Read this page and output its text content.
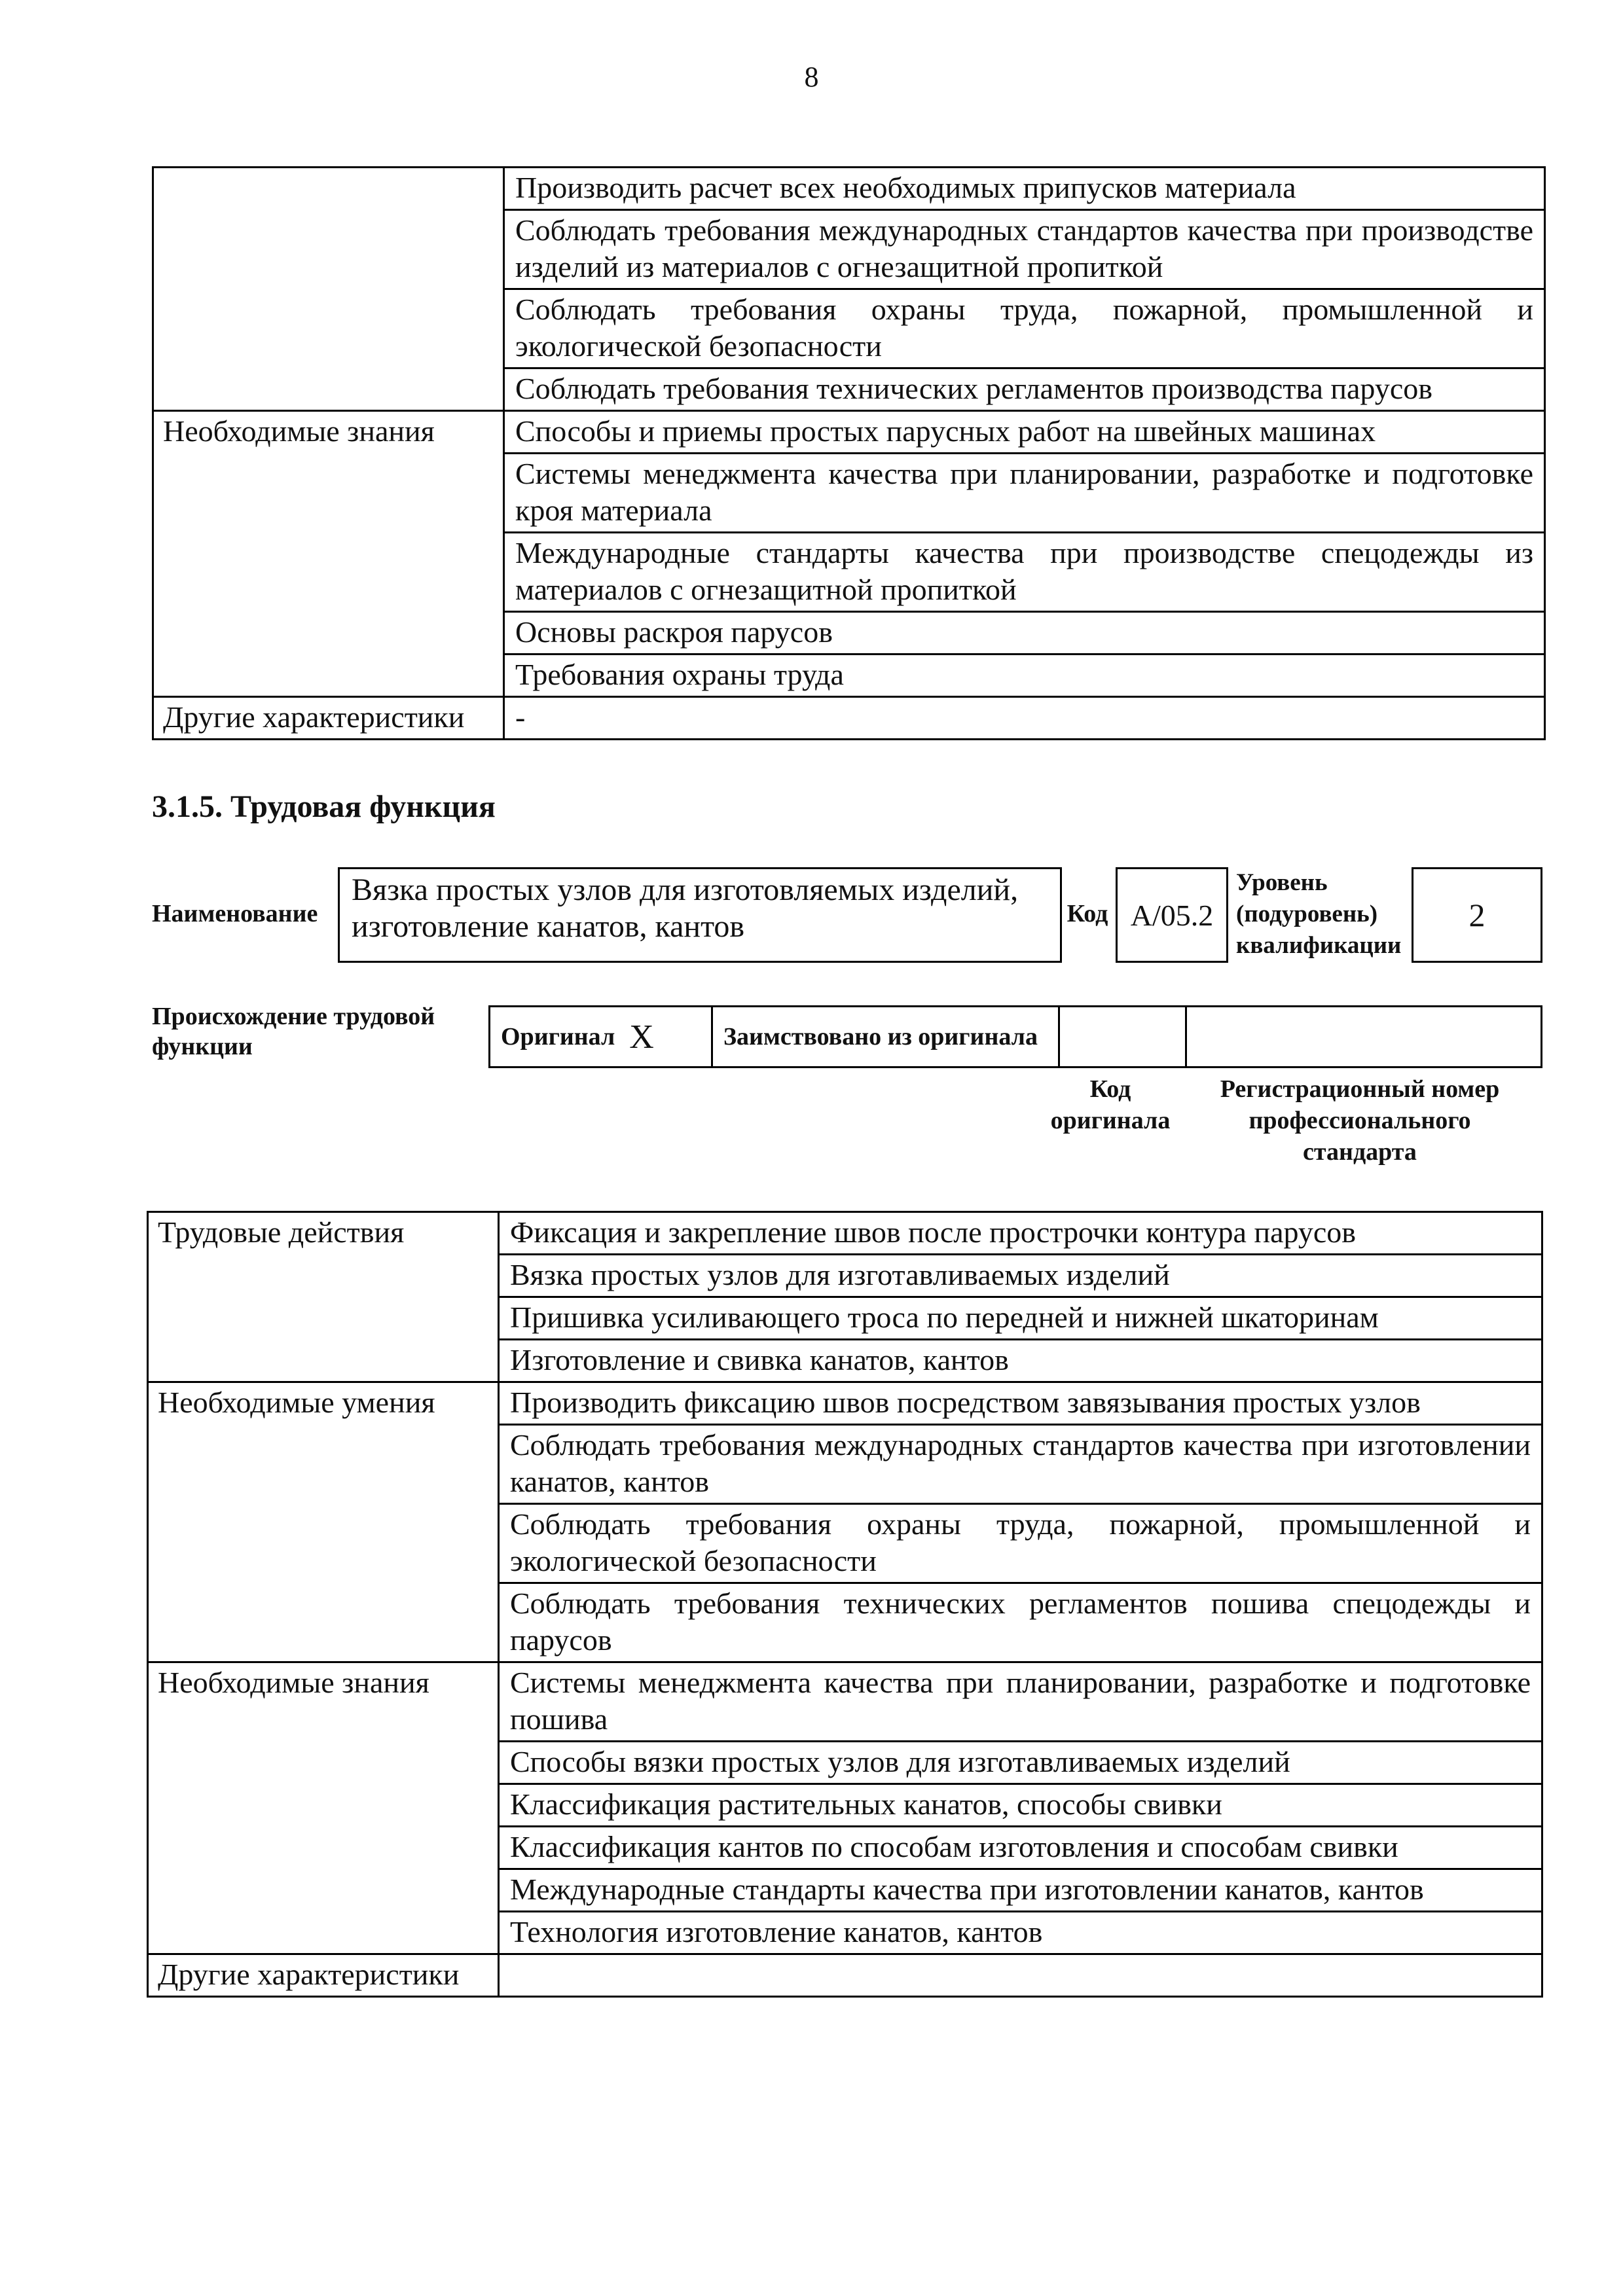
8
	Производить расчет всех необходимых припусков материала
	Соблюдать требования международных стандартов качества при производстве изделий из материалов с огнезащитной пропиткой
	Соблюдать требования охраны труда, пожарной, промышленной и экологической безопасности
	Соблюдать требования технических регламентов производства парусов
Необходимые знания	Способы и приемы простых парусных работ на швейных машинах
	Системы менеджмента качества при планировании, разработке и подготовке кроя материала
	Международные стандарты качества при производстве спецодежды из материалов с огнезащитной пропиткой
	Основы раскроя парусов
	Требования охраны труда
Другие характеристики	-
3.1.5. Трудовая функция
Наименование
Вязка простых узлов для изготовляемых изделий, изготовление канатов, кантов	Код А/05.2
Уровень (подуровень) квалификации
2
Происхождение трудовой функции	Оригинал X	Заимствовано из оригинала
Код оригинала
Регистрационный номер профессионального стандарта
Трудовые действия	Фиксация и закрепление швов после прострочки контура парусов
	Вязка простых узлов для изготавливаемых изделий
	Пришивка усиливающего троса по передней и нижней шкаторинам
	Изготовление и свивка канатов, кантов
Необходимые умения	Производить фиксацию швов посредством завязывания простых узлов
	Соблюдать требования международных стандартов качества при изготовлении канатов, кантов
	Соблюдать требования охраны труда, пожарной, промышленной и экологической безопасности
	Соблюдать требования технических регламентов пошива спецодежды и парусов
Необходимые знания	Системы менеджмента качества при планировании, разработке и подготовке пошива
	Способы вязки простых узлов для изготавливаемых изделий
	Классификация растительных канатов, способы свивки
	Классификация кантов по способам изготовления и способам свивки
	Международные стандарты качества при изготовлении канатов, кантов
	Технология изготовление канатов, кантов
Другие характеристики	
